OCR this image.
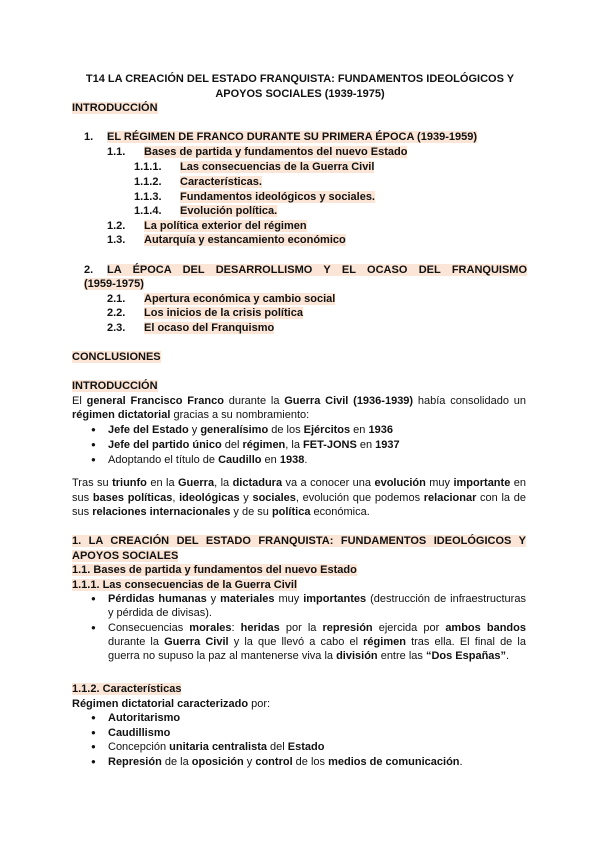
T14 LA CREACIÓN DEL ESTADO FRANQUISTA: FUNDAMENTOS IDEOLÓGICOS Y
APOYOS SOCIALES (1939-1975)
INTRODUCCIÓN
1. EL RÉGIMEN DE FRANCO DURANTE SU PRIMERA ÉPOCA (1939-1959)
1.1. Bases de partida y fundamentos del nuevo Estado
1.1.1. Las consecuencias de la Guerra Civil
1.1.2. Características.
1.1.3. Fundamentos ideológicos y sociales.
1.1.4. Evolución política.
1.2. La política exterior del régimen
1.3. Autarquía y estancamiento económico
2. LA ÉPOCA DEL DESARROLLISMO Y EL OCASO DEL FRANQUISMO
(1959-1975)
2.1. Apertura económica y cambio social
2.2. Los inicios de la crisis política
2.3. El ocaso del Franquismo
CONCLUSIONES
INTRODUCCIÓN
El general Francisco Franco durante la Guerra Civil (1936-1939) había consolidado un
régimen dictatorial gracias a su nombramiento:
● Jefe del Estado y generalísimo de los Ejércitos en 1936
● Jefe del partido único del régimen, la FET-JONS en 1937
● Adoptando el título de Caudillo en 1938.
Tras su triunfo en la Guerra, la dictadura va a conocer una evolución muy importante en
sus bases políticas, ideológicas y sociales, evolución que podemos relacionar con la de
sus relaciones internacionales y de su política económica.
1. LA CREACIÓN DEL ESTADO FRANQUISTA: FUNDAMENTOS IDEOLÓGICOS Y
APOYOS SOCIALES
1.1. Bases de partida y fundamentos del nuevo Estado
1.1.1. Las consecuencias de la Guerra Civil
● Pérdidas humanas y materiales muy importantes (destrucción de infraestructuras
y pérdida de divisas).
● Consecuencias morales: heridas por la represión ejercida por ambos bandos
durante la Guerra Civil y la que llevó a cabo el régimen tras ella. El final de la
guerra no supuso la paz al mantenerse viva la división entre las “Dos Españas”.
1.1.2. Características
Régimen dictatorial caracterizado por:
● Autoritarismo
● Caudillismo
● Concepción unitaria centralista del Estado
● Represión de la oposición y control de los medios de comunicación.
